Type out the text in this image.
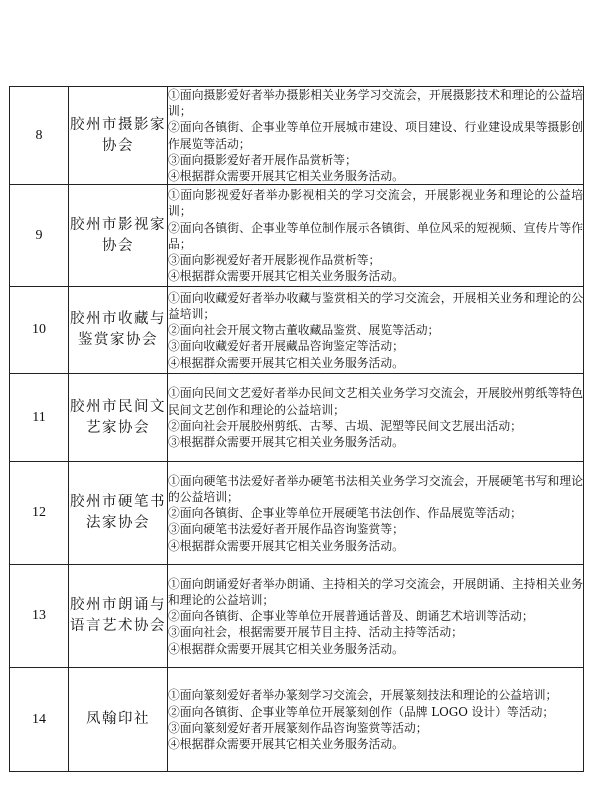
8	胶州市摄影家协会	①面向摄影爱好者举办摄影相关业务学习交流会，开展摄影技术和理论的公益培训；
②面向各镇街、企事业等单位开展城市建设、项目建设、行业建设成果等摄影创作展览等活动；
③面向摄影爱好者开展作品赏析等；
④根据群众需要开展其它相关业务服务活动。

9	胶州市影视家协会	①面向影视爱好者举办影视相关的学习交流会，开展影视业务和理论的公益培训；
②面向各镇街、企事业等单位制作展示各镇街、单位风采的短视频、宣传片等作品；
③面向影视爱好者开展影视作品赏析等；
④根据群众需要开展其它相关业务服务活动。

10	胶州市收藏与鉴赏家协会	①面向收藏爱好者举办收藏与鉴赏相关的学习交流会，开展相关业务和理论的公益培训；
②面向社会开展文物古董收藏品鉴赏、展览等活动；
③面向收藏爱好者开展藏品咨询鉴定等活动；
④根据群众需要开展其它相关业务服务活动。

11	胶州市民间文艺家协会	①面向民间文艺爱好者举办民间文艺相关业务学习交流会，开展胶州剪纸等特色民间文艺创作和理论的公益培训；
②面向社会开展胶州剪纸、古琴、古埙、泥塑等民间文艺展出活动；
③根据群众需要开展其它相关业务服务活动。

12	胶州市硬笔书法家协会	①面向硬笔书法爱好者举办硬笔书法相关业务学习交流会，开展硬笔书写和理论的公益培训；
②面向各镇街、企事业等单位开展硬笔书法创作、作品展览等活动；
③面向硬笔书法爱好者开展作品咨询鉴赏等；
④根据群众需要开展其它相关业务服务活动。

13	胶州市朗诵与语言艺术协会	①面向朗诵爱好者举办朗诵、主持相关的学习交流会，开展朗诵、主持相关业务和理论的公益培训；
②面向各镇街、企事业等单位开展普通话普及、朗诵艺术培训等活动；
③面向社会，根据需要开展节目主持、活动主持等活动；
④根据群众需要开展其它相关业务服务活动。

14	凤翰印社	①面向篆刻爱好者举办篆刻学习交流会，开展篆刻技法和理论的公益培训；
②面向各镇街、企事业等单位开展篆刻创作（品牌 LOGO 设计）等活动；
③面向篆刻爱好者开展篆刻作品咨询鉴赏等活动；
④根据群众需要开展其它相关业务服务活动。
